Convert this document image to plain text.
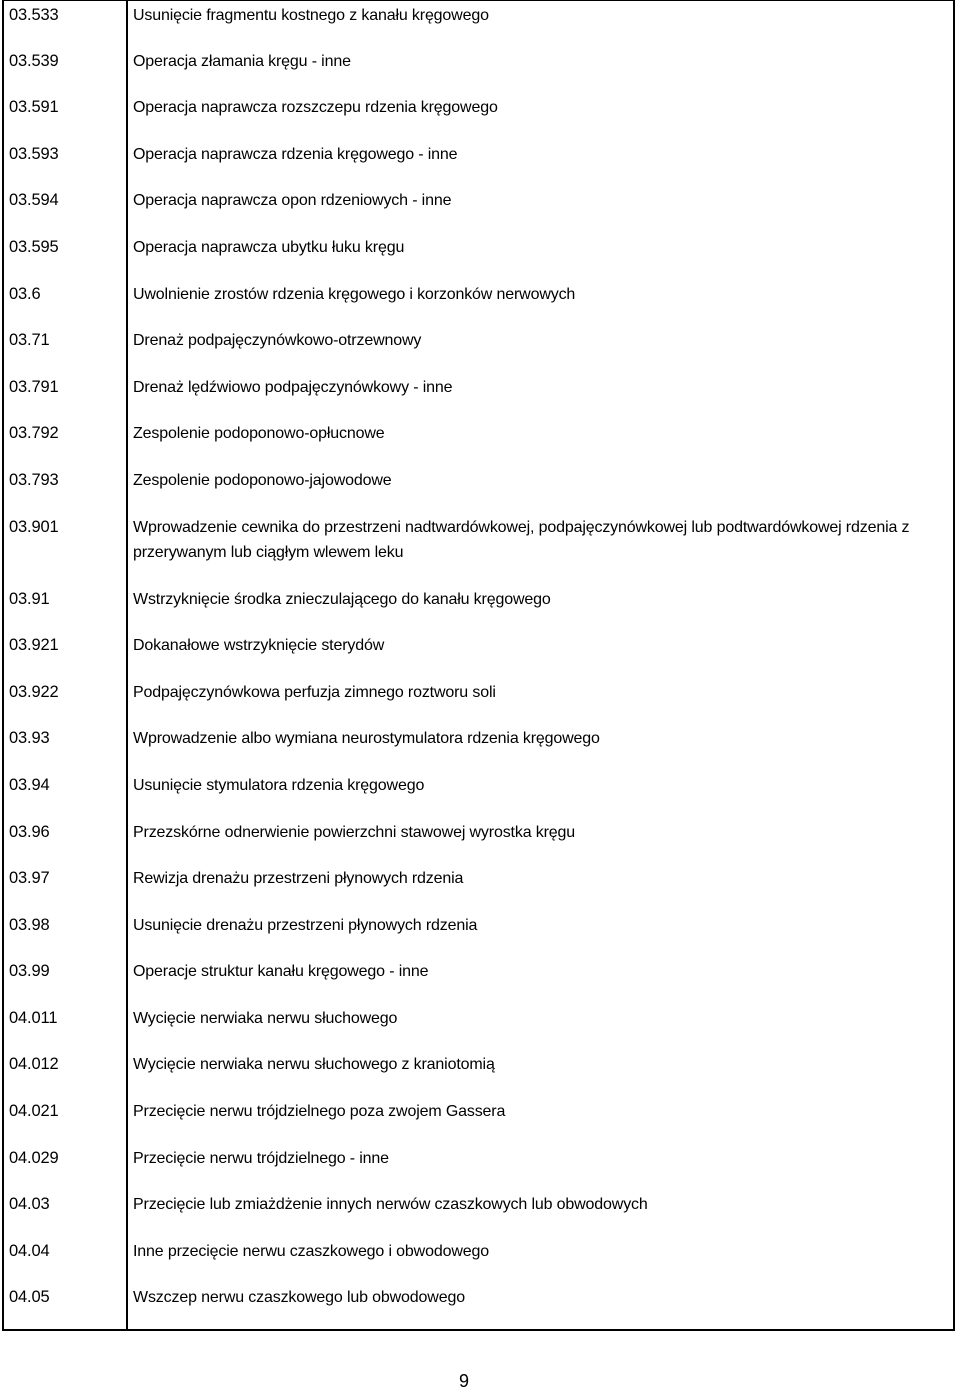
03.533	Usunięcie fragmentu kostnego z kanału kręgowego

03.539	Operacja złamania kręgu - inne

03.591	Operacja naprawcza rozszczepu rdzenia kręgowego

03.593	Operacja naprawcza rdzenia kręgowego - inne

03.594	Operacja naprawcza opon rdzeniowych - inne

03.595	Operacja naprawcza ubytku łuku kręgu

03.6	Uwolnienie zrostów rdzenia kręgowego i korzonków nerwowych

03.71	Drenaż podpajęczynówkowo-otrzewnowy

03.791	Drenaż lędźwiowo podpajęczynówkowy - inne

03.792	Zespolenie podoponowo-opłucnowe

03.793	Zespolenie podoponowo-jajowodowe

03.901	Wprowadzenie cewnika do przestrzeni nadtwardówkowej, podpajęczynówkowej lub podtwardówkowej rdzenia z przerywanym lub ciągłym wlewem leku

03.91	Wstrzyknięcie środka znieczulającego do kanału kręgowego

03.921	Dokanałowe wstrzyknięcie sterydów

03.922	Podpajęczynówkowa perfuzja zimnego roztworu soli

03.93	Wprowadzenie albo wymiana neurostymulatora rdzenia kręgowego

03.94	Usunięcie stymulatora rdzenia kręgowego

03.96	Przezskórne odnerwienie powierzchni stawowej wyrostka kręgu

03.97	Rewizja drenażu przestrzeni płynowych rdzenia

03.98	Usunięcie drenażu przestrzeni płynowych rdzenia

03.99	Operacje struktur kanału kręgowego - inne

04.011	Wycięcie nerwiaka nerwu słuchowego

04.012	Wycięcie nerwiaka nerwu słuchowego z kraniotomią

04.021	Przecięcie nerwu trójdzielnego poza zwojem Gassera

04.029	Przecięcie nerwu trójdzielnego - inne

04.03	Przecięcie lub zmiażdżenie innych nerwów czaszkowych lub obwodowych

04.04	Inne przecięcie nerwu czaszkowego i obwodowego

04.05	Wszczep nerwu czaszkowego lub obwodowego
9
